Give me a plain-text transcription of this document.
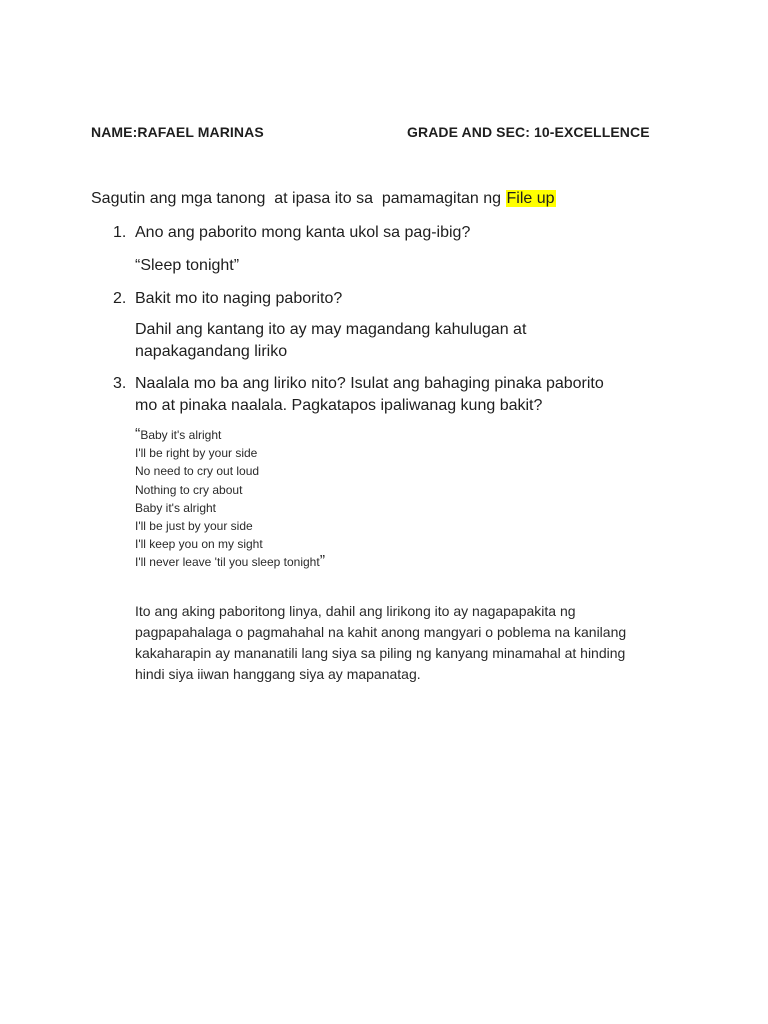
NAME:RAFAEL MARINAS	GRADE AND SEC: 10-EXCELLENCE
Sagutin ang mga tanong  at ipasa ito sa  pamamagitan ng File up
1. Ano ang paborito mong kanta ukol sa pag-ibig?
“Sleep tonight”
2. Bakit mo ito naging paborito?
Dahil ang kantang ito ay may magandang kahulugan at
napakagandang liriko
3. Naalala mo ba ang liriko nito? Isulat ang bahaging pinaka paborito
mo at pinaka naalala. Pagkatapos ipaliwanag kung bakit?
“Baby it's alright
I'll be right by your side
No need to cry out loud
Nothing to cry about
Baby it's alright
I'll be just by your side
I'll keep you on my sight
I'll never leave 'til you sleep tonight”
Ito ang aking paboritong linya, dahil ang lirikong ito ay nagapapakita ng
pagpapahalaga o pagmahahal na kahit anong mangyari o poblema na kanilang
kakaharapin ay mananatili lang siya sa piling ng kanyang minamahal at hinding
hindi siya iiwan hanggang siya ay mapanatag.
